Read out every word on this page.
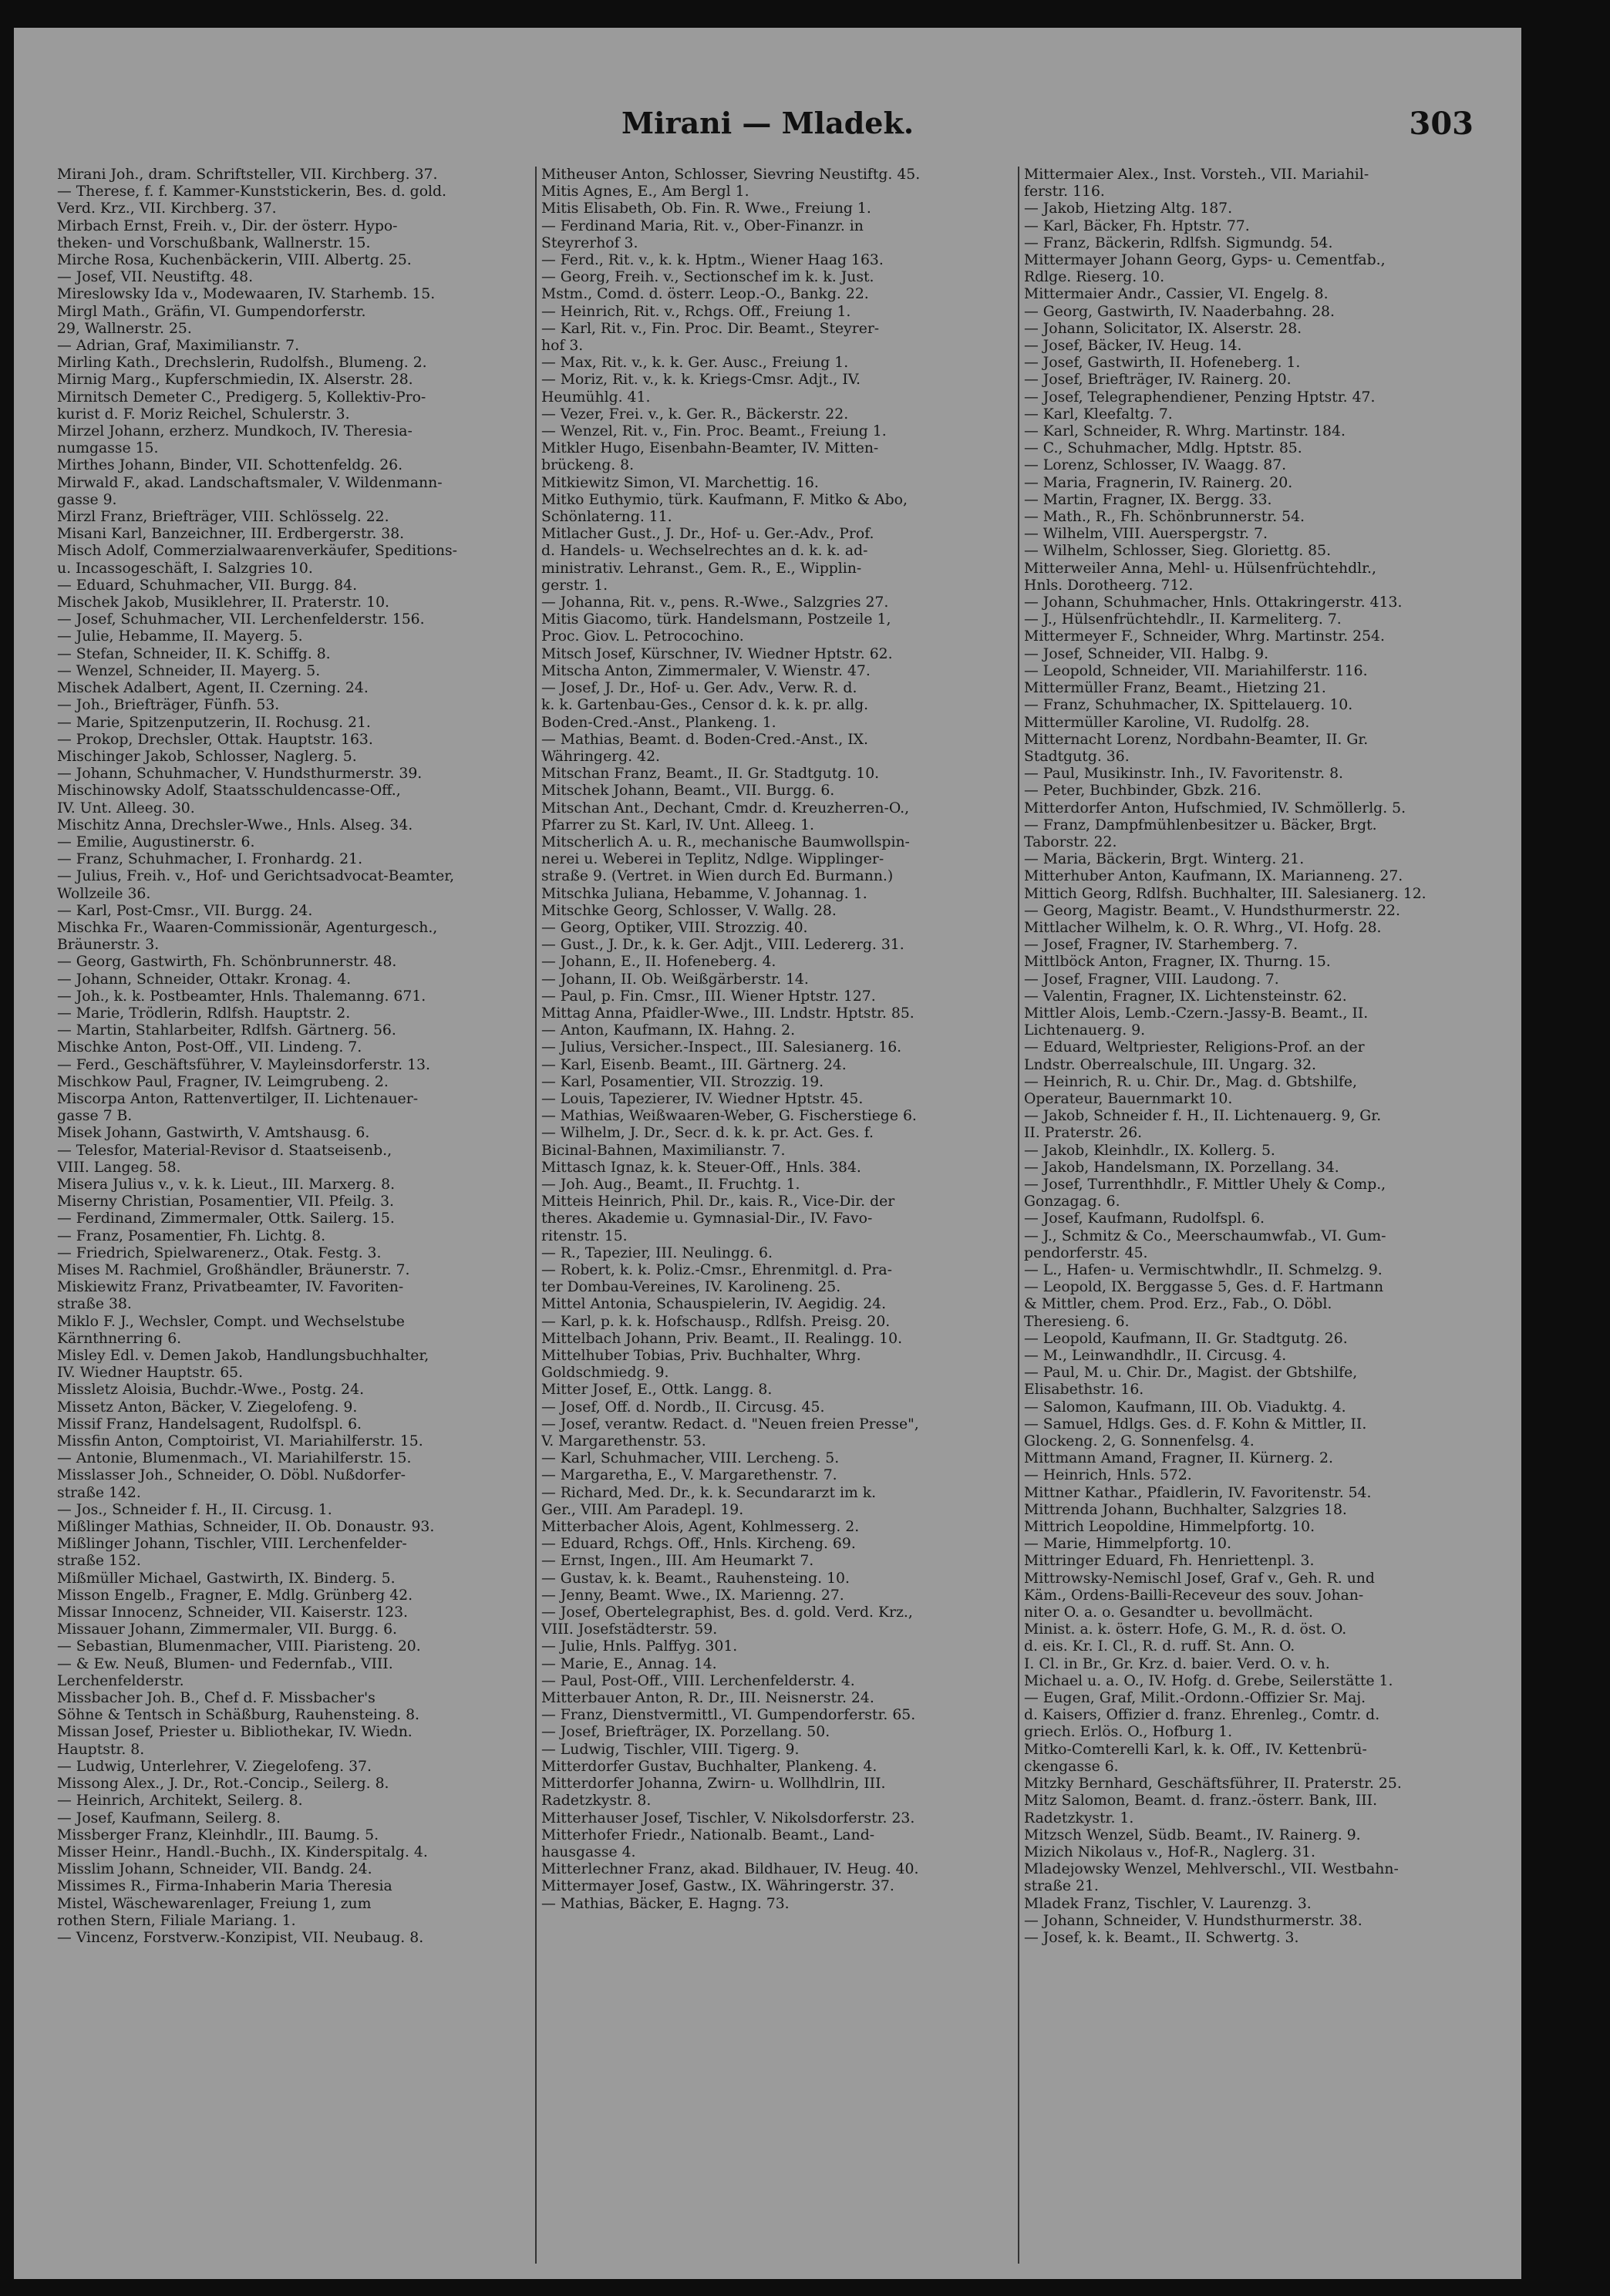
Mirani — Mladek.	303

Mirani Joh., dram. Schriftsteller, VII. Kirchberg. 37.

— Therese, f. f. Kammer-Kunststickerin, Bes. d. gold.

Verd. Krz., VII. Kirchberg. 37.

Mirbach Ernst, Freih. v., Dir. der österr. Hypo-

theken- und Vorschußbank, Wallnerstr. 15.

Mirche Rosa, Kuchenbäckerin, VIII. Albertg. 25.

— Josef, VII. Neustiftg. 48.

Mireslowsky Ida v., Modewaaren, IV. Starhemb. 15.

Mirgl Math., Gräfin, VI. Gumpendorferstr.

29, Wallnerstr. 25.

— Adrian, Graf, Maximilianstr. 7.

Mirling Kath., Drechslerin, Rudolfsh., Blumeng. 2.

Mirnig Marg., Kupferschmiedin, IX. Alserstr. 28.

Mirnitsch Demeter C., Predigerg. 5, Kollektiv-Pro-

kurist d. F. Moriz Reichel, Schulerstr. 3.

Mirzel Johann, erzherz. Mundkoch, IV. Theresia-

numgasse 15.

Mirthes Johann, Binder, VII. Schottenfeldg. 26.

Mirwald F., akad. Landschaftsmaler, V. Wildenmann-

gasse 9.

Mirzl Franz, Briefträger, VIII. Schlösselg. 22.

Misani Karl, Banzeichner, III. Erdbergerstr. 38.

Misch Adolf, Commerzialwaarenverkäufer, Speditions-

u. Incassogeschäft, I. Salzgries 10.

— Eduard, Schuhmacher, VII. Burgg. 84.

Mischek Jakob, Musiklehrer, II. Praterstr. 10.

— Josef, Schuhmacher, VII. Lerchenfelderstr. 156.

— Julie, Hebamme, II. Mayerg. 5.

— Stefan, Schneider, II. K. Schiffg. 8.

— Wenzel, Schneider, II. Mayerg. 5.

Mischek Adalbert, Agent, II. Czerning. 24.

— Joh., Briefträger, Fünfh. 53.

— Marie, Spitzenputzerin, II. Rochusg. 21.

— Prokop, Drechsler, Ottak. Hauptstr. 163.

Mischinger Jakob, Schlosser, Naglerg. 5.

— Johann, Schuhmacher, V. Hundsthurmerstr. 39.

Mischinowsky Adolf, Staatsschuldencasse-Off.,

IV. Unt. Alleeg. 30.

Mischitz Anna, Drechsler-Wwe., Hnls. Alseg. 34.

— Emilie, Augustinerstr. 6.

— Franz, Schuhmacher, I. Fronhardg. 21.

— Julius, Freih. v., Hof- und Gerichtsadvocat-Beamter,

Wollzeile 36.

— Karl, Post-Cmsr., VII. Burgg. 24.

Mischka Fr., Waaren-Commissionär, Agenturgesch.,

Bräunerstr. 3.

— Georg, Gastwirth, Fh. Schönbrunnerstr. 48.

— Johann, Schneider, Ottakr. Kronag. 4.

— Joh., k. k. Postbeamter, Hnls. Thalemanng. 671.

— Marie, Trödlerin, Rdlfsh. Hauptstr. 2.

— Martin, Stahlarbeiter, Rdlfsh. Gärtnerg. 56.

Mischke Anton, Post-Off., VII. Lindeng. 7.

— Ferd., Geschäftsführer, V. Mayleinsdorferstr. 13.

Mischkow Paul, Fragner, IV. Leimgrubeng. 2.

Miscorpa Anton, Rattenvertilger, II. Lichtenauer-

gasse 7 B.

Misek Johann, Gastwirth, V. Amtshausg. 6.

— Telesfor, Material-Revisor d. Staatseisenb.,

VIII. Langeg. 58.

Misera Julius v., v. k. k. Lieut., III. Marxerg. 8.

Miserny Christian, Posamentier, VII. Pfeilg. 3.

— Ferdinand, Zimmermaler, Ottk. Sailerg. 15.

— Franz, Posamentier, Fh. Lichtg. 8.

— Friedrich, Spielwarenerz., Otak. Festg. 3.

Mises M. Rachmiel, Großhändler, Bräunerstr. 7.

Miskiewitz Franz, Privatbeamter, IV. Favoriten-

straße 38.

Miklo F. J., Wechsler, Compt. und Wechselstube

Kärnthnerring 6.

Misley Edl. v. Demen Jakob, Handlungsbuchhalter,

IV. Wiedner Hauptstr. 65.

Missletz Aloisia, Buchdr.-Wwe., Postg. 24.

Missetz Anton, Bäcker, V. Ziegelofeng. 9.

Missif Franz, Handelsagent, Rudolfspl. 6.

Missfin Anton, Comptoirist, VI. Mariahilferstr. 15.

— Antonie, Blumenmach., VI. Mariahilferstr. 15.

Misslasser Joh., Schneider, O. Döbl. Nußdorfer-

straße 142.

— Jos., Schneider f. H., II. Circusg. 1.

Mißlinger Mathias, Schneider, II. Ob. Donaustr. 93.

Mißlinger Johann, Tischler, VIII. Lerchenfelder-

straße 152.

Mißmüller Michael, Gastwirth, IX. Binderg. 5.

Misson Engelb., Fragner, E. Mdlg. Grünberg 42.

Missar Innocenz, Schneider, VII. Kaiserstr. 123.

Missauer Johann, Zimmermaler, VII. Burgg. 6.

— Sebastian, Blumenmacher, VIII. Piaristeng. 20.

— & Ew. Neuß, Blumen- und Federnfab., VIII.

Lerchenfelderstr.

Missbacher Joh. B., Chef d. F. Missbacher's

Söhne & Tentsch in Schäßburg, Rauhensteing. 8.

Missan Josef, Priester u. Bibliothekar, IV. Wiedn.

Hauptstr. 8.

— Ludwig, Unterlehrer, V. Ziegelofeng. 37.

Missong Alex., J. Dr., Rot.-Concip., Seilerg. 8.

— Heinrich, Architekt, Seilerg. 8.

— Josef, Kaufmann, Seilerg. 8.

Missberger Franz, Kleinhdlr., III. Baumg. 5.

Misser Heinr., Handl.-Buchh., IX. Kinderspitalg. 4.

Misslim Johann, Schneider, VII. Bandg. 24.

Missimes R., Firma-Inhaberin Maria Theresia

Mistel, Wäschewarenlager, Freiung 1, zum

rothen Stern, Filiale Mariang. 1.

— Vincenz, Forstverw.-Konzipist, VII. Neubaug. 8.

Mitheuser Anton, Schlosser, Sievring Neustiftg. 45.

Mitis Agnes, E., Am Bergl 1.

Mitis Elisabeth, Ob. Fin. R. Wwe., Freiung 1.

— Ferdinand Maria, Rit. v., Ober-Finanzr. in

Steyrerhof 3.

— Ferd., Rit. v., k. k. Hptm., Wiener Haag 163.

— Georg, Freih. v., Sectionschef im k. k. Just.

Mstm., Comd. d. österr. Leop.-O., Bankg. 22.

— Heinrich, Rit. v., Rchgs. Off., Freiung 1.

— Karl, Rit. v., Fin. Proc. Dir. Beamt., Steyrer-

hof 3.

— Max, Rit. v., k. k. Ger. Ausc., Freiung 1.

— Moriz, Rit. v., k. k. Kriegs-Cmsr. Adjt., IV.

Heumühlg. 41.

— Vezer, Frei. v., k. Ger. R., Bäckerstr. 22.

— Wenzel, Rit. v., Fin. Proc. Beamt., Freiung 1.

Mitkler Hugo, Eisenbahn-Beamter, IV. Mitten-

brückeng. 8.

Mitkiewitz Simon, VI. Marchettig. 16.

Mitko Euthymio, türk. Kaufmann, F. Mitko & Abo,

Schönlaterng. 11.

Mitlacher Gust., J. Dr., Hof- u. Ger.-Adv., Prof.

d. Handels- u. Wechselrechtes an d. k. k. ad-

ministrativ. Lehranst., Gem. R., E., Wipplin-

gerstr. 1.

— Johanna, Rit. v., pens. R.-Wwe., Salzgries 27.

Mitis Giacomo, türk. Handelsmann, Postzeile 1,

Proc. Giov. L. Petrocochino.

Mitsch Josef, Kürschner, IV. Wiedner Hptstr. 62.

Mitscha Anton, Zimmermaler, V. Wienstr. 47.

— Josef, J. Dr., Hof- u. Ger. Adv., Verw. R. d.

k. k. Gartenbau-Ges., Censor d. k. k. pr. allg.

Boden-Cred.-Anst., Plankeng. 1.

— Mathias, Beamt. d. Boden-Cred.-Anst., IX.

Währingerg. 42.

Mitschan Franz, Beamt., II. Gr. Stadtgutg. 10.

Mitschek Johann, Beamt., VII. Burgg. 6.

Mitschan Ant., Dechant, Cmdr. d. Kreuzherren-O.,

Pfarrer zu St. Karl, IV. Unt. Alleeg. 1.

Mitscherlich A. u. R., mechanische Baumwollspin-

nerei u. Weberei in Teplitz, Ndlge. Wipplinger-

straße 9. (Vertret. in Wien durch Ed. Burmann.)

Mitschka Juliana, Hebamme, V. Johannag. 1.

Mitschke Georg, Schlosser, V. Wallg. 28.

— Georg, Optiker, VIII. Strozzig. 40.

— Gust., J. Dr., k. k. Ger. Adjt., VIII. Ledererg. 31.

— Johann, E., II. Hofeneberg. 4.

— Johann, II. Ob. Weißgärberstr. 14.

— Paul, p. Fin. Cmsr., III. Wiener Hptstr. 127.

Mittag Anna, Pfaidler-Wwe., III. Lndstr. Hptstr. 85.

— Anton, Kaufmann, IX. Hahng. 2.

— Julius, Versicher.-Inspect., III. Salesianerg. 16.

— Karl, Eisenb. Beamt., III. Gärtnerg. 24.

— Karl, Posamentier, VII. Strozzig. 19.

— Louis, Tapezierer, IV. Wiedner Hptstr. 45.

— Mathias, Weißwaaren-Weber, G. Fischerstiege 6.

— Wilhelm, J. Dr., Secr. d. k. k. pr. Act. Ges. f.

Bicinal-Bahnen, Maximilianstr. 7.

Mittasch Ignaz, k. k. Steuer-Off., Hnls. 384.

— Joh. Aug., Beamt., II. Fruchtg. 1.

Mitteis Heinrich, Phil. Dr., kais. R., Vice-Dir. der

theres. Akademie u. Gymnasial-Dir., IV. Favo-

ritenstr. 15.

— R., Tapezier, III. Neulingg. 6.

— Robert, k. k. Poliz.-Cmsr., Ehrenmitgl. d. Pra-

ter Dombau-Vereines, IV. Karolineng. 25.

Mittel Antonia, Schauspielerin, IV. Aegidig. 24.

— Karl, p. k. k. Hofschausp., Rdlfsh. Preisg. 20.

Mittelbach Johann, Priv. Beamt., II. Realingg. 10.

Mittelhuber Tobias, Priv. Buchhalter, Whrg.

Goldschmiedg. 9.

Mitter Josef, E., Ottk. Langg. 8.

— Josef, Off. d. Nordb., II. Circusg. 45.

— Josef, verantw. Redact. d. "Neuen freien Presse",

V. Margarethenstr. 53.

— Karl, Schuhmacher, VIII. Lercheng. 5.

— Margaretha, E., V. Margarethenstr. 7.

— Richard, Med. Dr., k. k. Secundararzt im k.

Ger., VIII. Am Paradepl. 19.

Mitterbacher Alois, Agent, Kohlmesserg. 2.

— Eduard, Rchgs. Off., Hnls. Kircheng. 69.

— Ernst, Ingen., III. Am Heumarkt 7.

— Gustav, k. k. Beamt., Rauhensteing. 10.

— Jenny, Beamt. Wwe., IX. Marienng. 27.

— Josef, Obertelegraphist, Bes. d. gold. Verd. Krz.,

VIII. Josefstädterstr. 59.

— Julie, Hnls. Palffyg. 301.

— Marie, E., Annag. 14.

— Paul, Post-Off., VIII. Lerchenfelderstr. 4.

Mitterbauer Anton, R. Dr., III. Neisnerstr. 24.

— Franz, Dienstvermittl., VI. Gumpendorferstr. 65.

— Josef, Briefträger, IX. Porzellang. 50.

— Ludwig, Tischler, VIII. Tigerg. 9.

Mitterdorfer Gustav, Buchhalter, Plankeng. 4.

Mitterdorfer Johanna, Zwirn- u. Wollhdlrin, III.

Radetzkystr. 8.

Mitterhauser Josef, Tischler, V. Nikolsdorferstr. 23.

Mitterhofer Friedr., Nationalb. Beamt., Land-

hausgasse 4.

Mitterlechner Franz, akad. Bildhauer, IV. Heug. 40.

Mittermayer Josef, Gastw., IX. Währingerstr. 37.

— Mathias, Bäcker, E. Hagng. 73.

Mittermaier Alex., Inst. Vorsteh., VII. Mariahil-

ferstr. 116.

— Jakob, Hietzing Altg. 187.

— Karl, Bäcker, Fh. Hptstr. 77.

— Franz, Bäckerin, Rdlfsh. Sigmundg. 54.

Mittermayer Johann Georg, Gyps- u. Cementfab.,

Rdlge. Rieserg. 10.

Mittermaier Andr., Cassier, VI. Engelg. 8.

— Georg, Gastwirth, IV. Naaderbahng. 28.

— Johann, Solicitator, IX. Alserstr. 28.

— Josef, Bäcker, IV. Heug. 14.

— Josef, Gastwirth, II. Hofeneberg. 1.

— Josef, Briefträger, IV. Rainerg. 20.

— Josef, Telegraphendiener, Penzing Hptstr. 47.

— Karl, Kleefaltg. 7.

— Karl, Schneider, R. Whrg. Martinstr. 184.

— C., Schuhmacher, Mdlg. Hptstr. 85.

— Lorenz, Schlosser, IV. Waagg. 87.

— Maria, Fragnerin, IV. Rainerg. 20.

— Martin, Fragner, IX. Bergg. 33.

— Math., R., Fh. Schönbrunnerstr. 54.

— Wilhelm, VIII. Auerspergstr. 7.

— Wilhelm, Schlosser, Sieg. Gloriettg. 85.

Mitterweiler Anna, Mehl- u. Hülsenfrüchtehdlr.,

Hnls. Dorotheerg. 712.

— Johann, Schuhmacher, Hnls. Ottakringerstr. 413.

— J., Hülsenfrüchtehdlr., II. Karmeliterg. 7.

Mittermeyer F., Schneider, Whrg. Martinstr. 254.

— Josef, Schneider, VII. Halbg. 9.

— Leopold, Schneider, VII. Mariahilferstr. 116.

Mittermüller Franz, Beamt., Hietzing 21.

— Franz, Schuhmacher, IX. Spittelauerg. 10.

Mittermüller Karoline, VI. Rudolfg. 28.

Mitternacht Lorenz, Nordbahn-Beamter, II. Gr.

Stadtgutg. 36.

— Paul, Musikinstr. Inh., IV. Favoritenstr. 8.

— Peter, Buchbinder, Gbzk. 216.

Mitterdorfer Anton, Hufschmied, IV. Schmöllerlg. 5.

— Franz, Dampfmühlenbesitzer u. Bäcker, Brgt.

Taborstr. 22.

— Maria, Bäckerin, Brgt. Winterg. 21.

Mitterhuber Anton, Kaufmann, IX. Marianneng. 27.

Mittich Georg, Rdlfsh. Buchhalter, III. Salesianerg. 12.

— Georg, Magistr. Beamt., V. Hundsthurmerstr. 22.

Mittlacher Wilhelm, k. O. R. Whrg., VI. Hofg. 28.

— Josef, Fragner, IV. Starhemberg. 7.

Mittlböck Anton, Fragner, IX. Thurng. 15.

— Josef, Fragner, VIII. Laudong. 7.

— Valentin, Fragner, IX. Lichtensteinstr. 62.

Mittler Alois, Lemb.-Czern.-Jassy-B. Beamt., II.

Lichtenauerg. 9.

— Eduard, Weltpriester, Religions-Prof. an der

Lndstr. Oberrealschule, III. Ungarg. 32.

— Heinrich, R. u. Chir. Dr., Mag. d. Gbtshilfe,

Operateur, Bauernmarkt 10.

— Jakob, Schneider f. H., II. Lichtenauerg. 9, Gr.

II. Praterstr. 26.

— Jakob, Kleinhdlr., IX. Kollerg. 5.

— Jakob, Handelsmann, IX. Porzellang. 34.

— Josef, Turrenthhdlr., F. Mittler Uhely & Comp.,

Gonzagag. 6.

— Josef, Kaufmann, Rudolfspl. 6.

— J., Schmitz & Co., Meerschaumwfab., VI. Gum-

pendorferstr. 45.

— L., Hafen- u. Vermischtwhdlr., II. Schmelzg. 9.

— Leopold, IX. Berggasse 5, Ges. d. F. Hartmann

& Mittler, chem. Prod. Erz., Fab., O. Döbl.

Theresieng. 6.

— Leopold, Kaufmann, II. Gr. Stadtgutg. 26.

— M., Leinwandhdlr., II. Circusg. 4.

— Paul, M. u. Chir. Dr., Magist. der Gbtshilfe,

Elisabethstr. 16.

— Salomon, Kaufmann, III. Ob. Viaduktg. 4.

— Samuel, Hdlgs. Ges. d. F. Kohn & Mittler, II.

Glockeng. 2, G. Sonnenfelsg. 4.

Mittmann Amand, Fragner, II. Kürnerg. 2.

— Heinrich, Hnls. 572.

Mittner Kathar., Pfaidlerin, IV. Favoritenstr. 54.

Mittrenda Johann, Buchhalter, Salzgries 18.

Mittrich Leopoldine, Himmelpfortg. 10.

— Marie, Himmelpfortg. 10.

Mittringer Eduard, Fh. Henriettenpl. 3.

Mittrowsky-Nemischl Josef, Graf v., Geh. R. und

Käm., Ordens-Bailli-Receveur des souv. Johan-

niter O. a. o. Gesandter u. bevollmächt.

Minist. a. k. österr. Hofe, G. M., R. d. öst. O.

d. eis. Kr. I. Cl., R. d. ruff. St. Ann. O.

I. Cl. in Br., Gr. Krz. d. baier. Verd. O. v. h.

Michael u. a. O., IV. Hofg. d. Grebe, Seilerstätte 1.

— Eugen, Graf, Milit.-Ordonn.-Offizier Sr. Maj.

d. Kaisers, Offizier d. franz. Ehrenleg., Comtr. d.

griech. Erlös. O., Hofburg 1.

Mitko-Comterelli Karl, k. k. Off., IV. Kettenbrü-

ckengasse 6.

Mitzky Bernhard, Geschäftsführer, II. Praterstr. 25.

Mitz Salomon, Beamt. d. franz.-österr. Bank, III.

Radetzkystr. 1.

Mitzsch Wenzel, Südb. Beamt., IV. Rainerg. 9.

Mizich Nikolaus v., Hof-R., Naglerg. 31.

Mladejowsky Wenzel, Mehlverschl., VII. Westbahn-

straße 21.

Mladek Franz, Tischler, V. Laurenzg. 3.

— Johann, Schneider, V. Hundsthurmerstr. 38.

— Josef, k. k. Beamt., II. Schwertg. 3.
